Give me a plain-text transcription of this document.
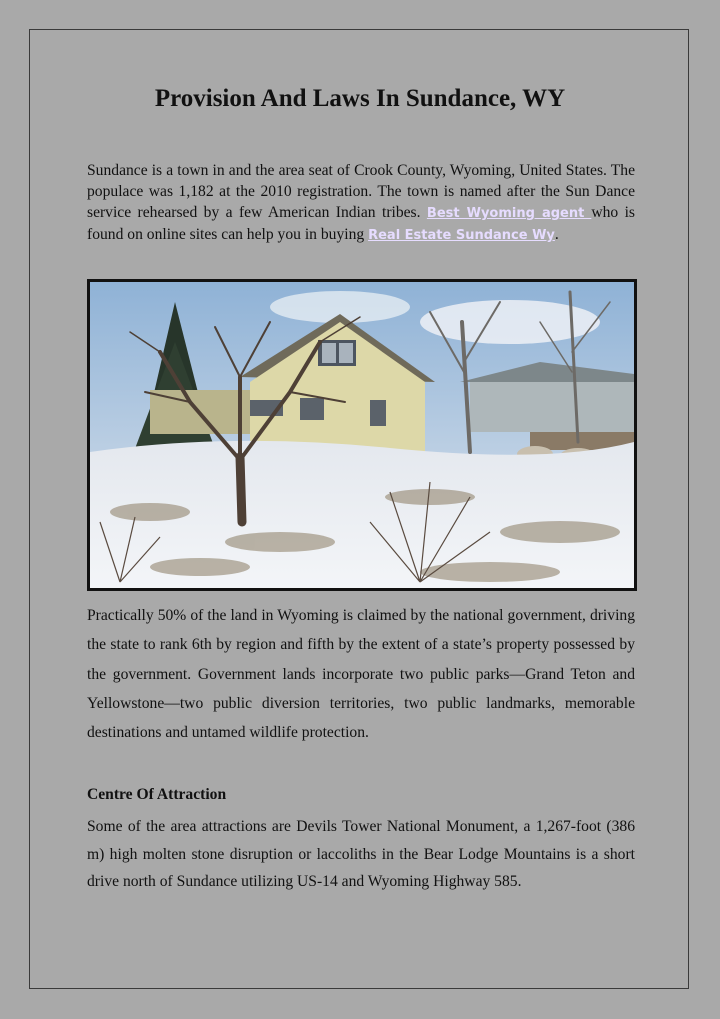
Provision And Laws In Sundance, WY

Sundance is a town in and the area seat of Crook County, Wyoming, United States. The populace was 1,182 at the 2010 registration. The town is named after the Sun Dance service rehearsed by a few American Indian tribes. Best Wyoming agent who is found on online sites can help you in buying Real Estate Sundance Wy.

Practically 50% of the land in Wyoming is claimed by the national government, driving the state to rank 6th by region and fifth by the extent of a state’s property possessed by the government. Government lands incorporate two public parks—Grand Teton and Yellowstone—two public diversion territories, two public landmarks, memorable destinations and untamed wildlife protection.

Centre Of Attraction

Some of the area attractions are Devils Tower National Monument, a 1,267-foot (386 m) high molten stone disruption or laccoliths in the Bear Lodge Mountains is a short drive north of Sundance utilizing US-14 and Wyoming Highway 585.
